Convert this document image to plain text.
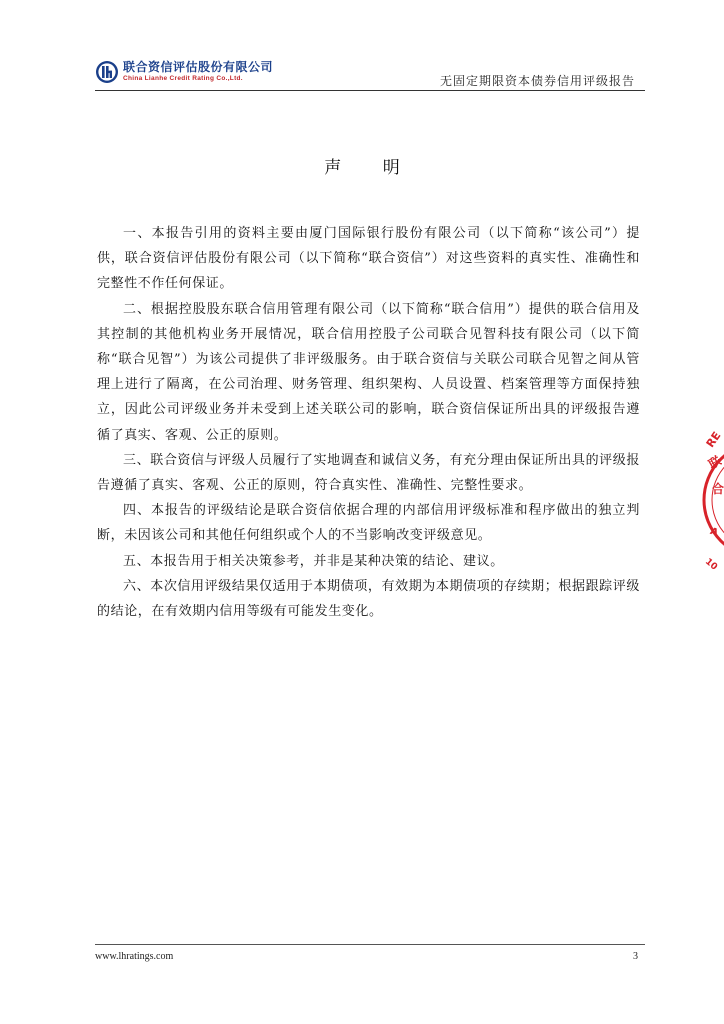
联合资信评估股份有限公司
China Lianhe Credit Rating Co.,Ltd.	无固定期限资本债券信用评级报告
声 明

一、本报告引用的资料主要由厦门国际银行股份有限公司（以下简称“该公司”）提供，联合资信评估股份有限公司（以下简称“联合资信”）对这些资料的真实性、准确性和完整性不作任何保证。

二、根据控股股东联合信用管理有限公司（以下简称“联合信用”）提供的联合信用及其控制的其他机构业务开展情况，联合信用控股子公司联合见智科技有限公司（以下简称“联合见智”）为该公司提供了非评级服务。由于联合资信与关联公司联合见智之间从管理上进行了隔离，在公司治理、财务管理、组织架构、人员设置、档案管理等方面保持独立，因此公司评级业务并未受到上述关联公司的影响，联合资信保证所出具的评级报告遵循了真实、客观、公正的原则。

三、联合资信与评级人员履行了实地调查和诚信义务，有充分理由保证所出具的评级报告遵循了真实、客观、公正的原则，符合真实性、准确性、完整性要求。

四、本报告的评级结论是联合资信依据合理的内部信用评级标准和程序做出的独立判断，未因该公司和其他任何组织或个人的不当影响改变评级意见。

五、本报告用于相关决策参考，并非是某种决策的结论、建议。

六、本次信用评级结果仅适用于本期债项，有效期为本期债项的存续期；根据跟踪评级的结论，在有效期内信用等级有可能发生变化。

RE
联
合
A
10
www.lhratings.com	3
